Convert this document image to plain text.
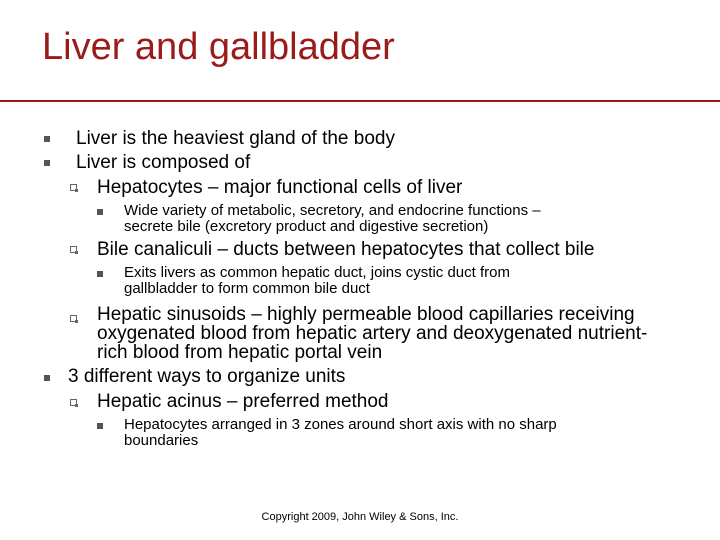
Liver and gallbladder
Liver is the heaviest gland of the body
Liver is composed of
Hepatocytes – major functional cells of liver
Wide variety of metabolic, secretory, and endocrine functions –
secrete bile (excretory product and digestive secretion)
Bile canaliculi – ducts between hepatocytes that collect bile
Exits livers as common hepatic duct, joins cystic duct from
gallbladder to form common bile duct
Hepatic sinusoids – highly permeable blood capillaries receiving
oxygenated blood from hepatic artery and deoxygenated nutrient-
rich blood from hepatic portal vein
3 different ways to organize units
Hepatic acinus – preferred method
Hepatocytes arranged in 3 zones around short axis with no sharp
boundaries
Copyright 2009, John Wiley & Sons, Inc.
